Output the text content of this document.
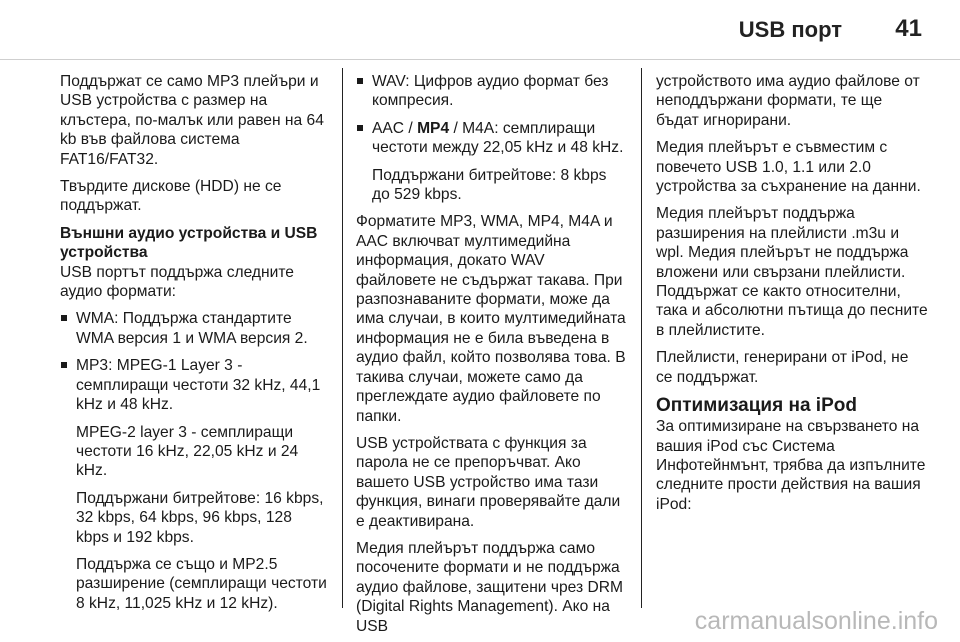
USB порт 41

Поддържат се само MP3 плейъри и USB устройства с размер на клъстера, по-малък или равен на 64 kb във файлова система FAT16/FAT32.

Твърдите дискове (HDD) не се поддържат.

Външни аудио устройства и USB устройства

USB портът поддържа следните аудио формати:

WMA: Поддържа стандартите WMA версия 1 и WMA версия 2.
MP3: MPEG-1 Layer 3 - семплиращи честоти 32 kHz, 44,1 kHz и 48 kHz.
MPEG-2 layer 3 - семплиращи честоти 16 kHz, 22,05 kHz и 24 kHz.
Поддържани битрейтове: 16 kbps, 32 kbps, 64 kbps, 96 kbps, 128 kbps и 192 kbps.
Поддържа се също и MP2.5 разширение (семплиращи честоти 8 kHz, 11,025 kHz и 12 kHz).
WAV: Цифров аудио формат без компресия.
AAC / MP4 / M4A: семплиращи честоти между 22,05 kHz и 48 kHz.
Поддържани битрейтове: 8 kbps до 529 kbps.

Форматите MP3, WMA, MP4, M4A и AAC включват мултимедийна информация, докато WAV файловете не съдържат такава. При разпознаваните формати, може да има случаи, в които мултимедийната информация не е била въведена в аудио файл, който позволява това. В такива случаи, можете само да преглеждате аудио файловете по папки.

USB устройствата с функция за парола не се препоръчват. Ако вашето USB устройство има тази функция, винаги проверявайте дали е деактивирана.

Медия плейърът поддържа само посочените формати и не поддържа аудио файлове, защитени чрез DRM (Digital Rights Management). Ако на USB

устройството има аудио файлове от неподдържани формати, те ще бъдат игнорирани.

Медия плейърът е съвместим с повечето USB 1.0, 1.1 или 2.0 устройства за съхранение на данни.

Медия плейърът поддържа разширения на плейлисти .m3u и wpl. Медия плейърът не поддържа вложени или свързани плейлисти. Поддържат се както относителни, така и абсолютни пътища до песните в плейлистите.

Плейлисти, генерирани от iPod, не се поддържат.

Оптимизация на iPod

За оптимизиране на свързването на вашия iPod със Система Инфотейнмънт, трябва да изпълните следните прости действия на вашия iPod:

carmanualsonline.info
